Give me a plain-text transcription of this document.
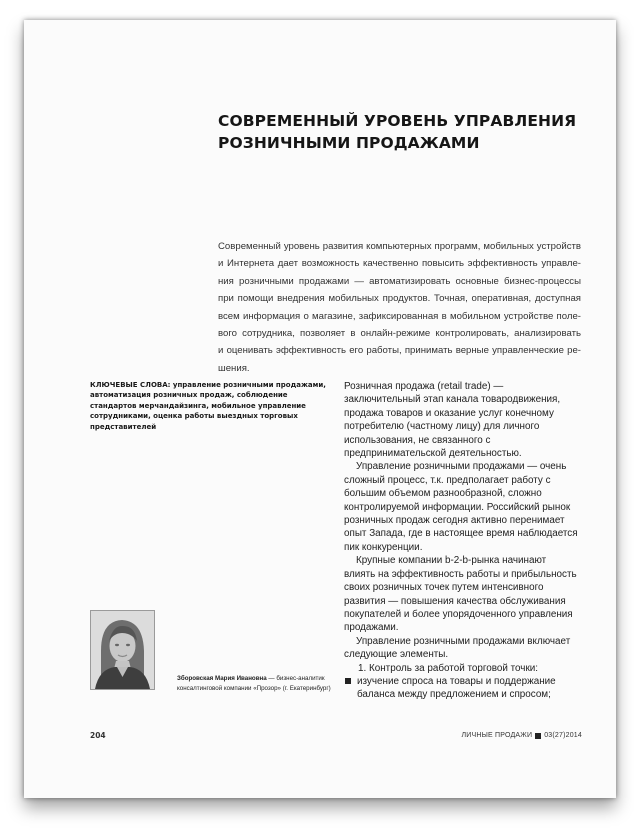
СОВРЕМЕННЫЙ УРОВЕНЬ УПРАВЛЕНИЯ
РОЗНИЧНЫМИ ПРОДАЖАМИ

Современный уровень развития компьютерных программ, мобильных устройств
и Интернета дает возможность качественно повысить эффективность управле-
ния розничными продажами — автоматизировать основные бизнес-процессы
при помощи внедрения мобильных продуктов. Точная, оперативная, доступная
всем информация о магазине, зафиксированная в мобильном устройстве поле-
вого сотрудника, позволяет в онлайн-режиме контролировать, анализировать
и оценивать эффективность его работы, принимать верные управленческие ре-
шения.

КЛЮЧЕВЫЕ СЛОВА: управление розничными продажами, автоматизация розничных продаж, соблюдение стандартов мерчандайзинга, мобильное управление сотрудниками, оценка работы выездных торговых представителей

Зборовская Мария Ивановна — бизнес-аналитик консалтинговой компании «Прозор» (г. Екатеринбург)

Розничная продажа (retail trade) — заключительный этап канала товародвижения, продажа товаров и оказание услуг конечному потребителю (частному лицу) для личного использования, не связанного с предпринимательской деятельностью.

Управление розничными продажами — очень сложный процесс, т.к. предполагает работу с большим объемом разнообразной, сложно контролируемой информации. Российский рынок розничных продаж сегодня активно перенимает опыт Запада, где в настоящее время наблюдается пик конкуренции.

Крупные компании b-2-b-рынка начинают влиять на эффективность работы и прибыльность своих розничных точек путем интенсивного развития — повышения качества обслуживания покупателей и более упорядоченного управления продажами.

Управление розничными продажами включает следующие элементы.

1. Контроль за работой торговой точки:

изучение спроса на товары и поддержание баланса между предложением и спросом;

204	ЛИЧНЫЕ ПРОДАЖИ 03(27)2014
